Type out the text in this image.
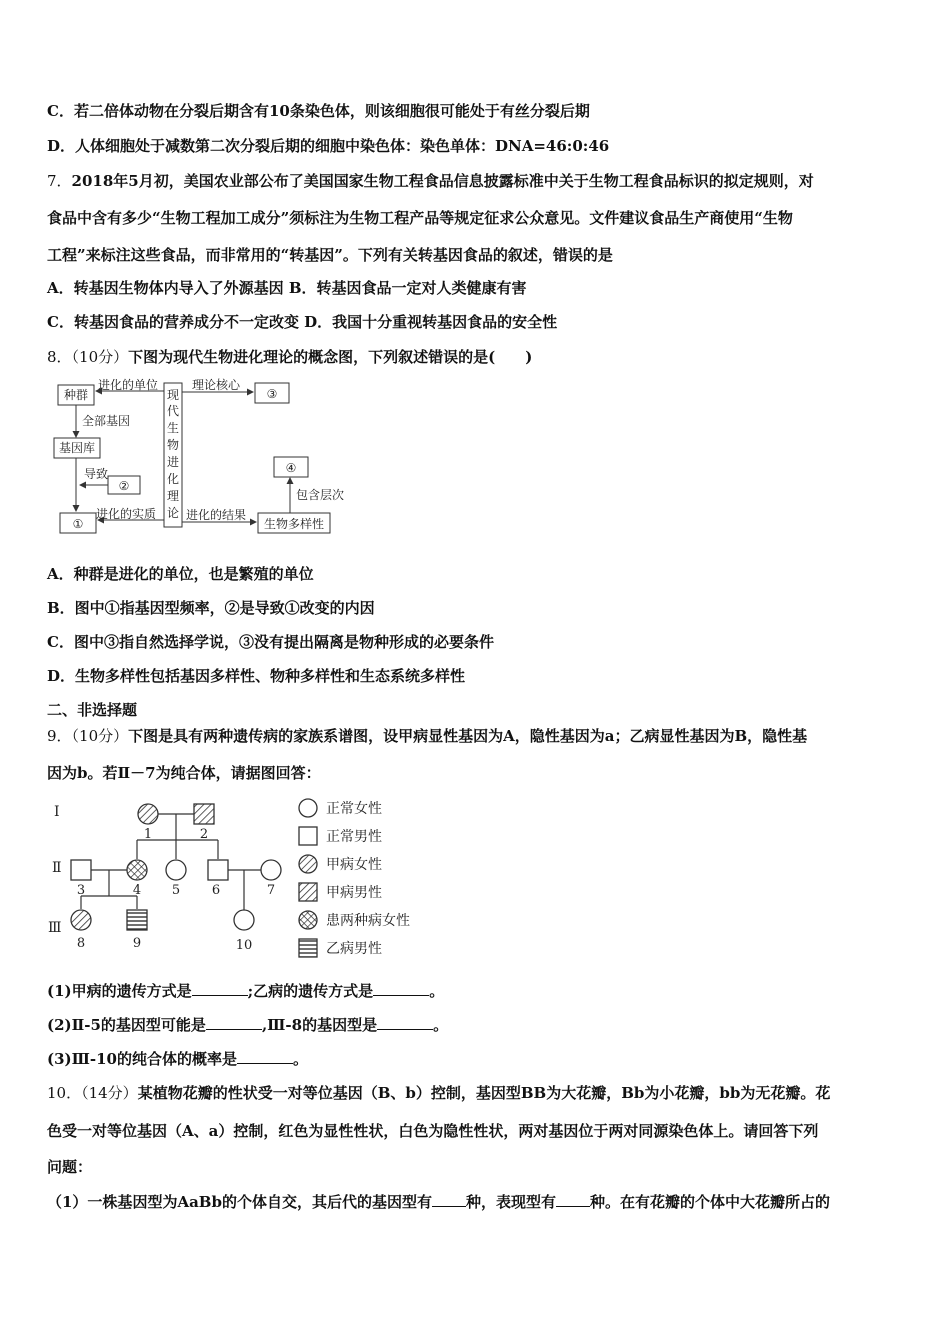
C．若二倍体动物在分裂后期含有10条染色体，则该细胞很可能处于有丝分裂后期
D．人体细胞处于减数第二次分裂后期的细胞中染色体：染色单体：DNA=46:0:46
7．2018年5月初，美国农业部公布了美国国家生物工程食品信息披露标准中关于生物工程食品标识的拟定规则，对
食品中含有多少“生物工程加工成分”须标注为生物工程产品等规定征求公众意见。文件建议食品生产商使用“生物
工程”来标注这些食品，而非常用的“转基因”。下列有关转基因食品的叙述，错误的是
A．转基因生物体内导入了外源基因 B．转基因食品一定对人类健康有害
C．转基因食品的营养成分不一定改变 D．我国十分重视转基因食品的安全性
8．（10分）下图为现代生物进化理论的概念图，下列叙述错误的是(　　)
种群
进化的单位
现
代
生
物
进
化
理
论
理论核心
③
全部基因
基因库
导致
②
①
进化的实质 进化的结果
生物多样性
包含层次
④
A．种群是进化的单位，也是繁殖的单位
B．图中①指基因型频率，②是导致①改变的内因
C．图中③指自然选择学说，③没有提出隔离是物种形成的必要条件
D．生物多样性包括基因多样性、物种多样性和生态系统多样性
二、非选择题
9．（10分）下图是具有两种遗传病的家族系谱图，设甲病显性基因为A，隐性基因为a；乙病显性基因为B，隐性基
因为b。若Ⅱ－7为纯合体，请据图回答：
Ⅰ
Ⅱ
Ⅲ
1	2
3	4 5 6	7
8	9	10
正常女性
正常男性
甲病女性
甲病男性
患两种病女性
乙病男性
(1)甲病的遗传方式是	;乙病的遗传方式是	。
(2)Ⅱ-5的基因型可能是	,Ⅲ-8的基因型是	。
(3)Ⅲ-10的纯合体的概率是	。
10．（14分）某植物花瓣的性状受一对等位基因（B、b）控制，基因型BB为大花瓣，Bb为小花瓣，bb为无花瓣。花
色受一对等位基因（A、a）控制，红色为显性性状，白色为隐性性状，两对基因位于两对同源染色体上。请回答下列
问题：
（1）一株基因型为AaBb的个体自交，其后代的基因型有 种，表现型有 种。在有花瓣的个体中大花瓣所占的
